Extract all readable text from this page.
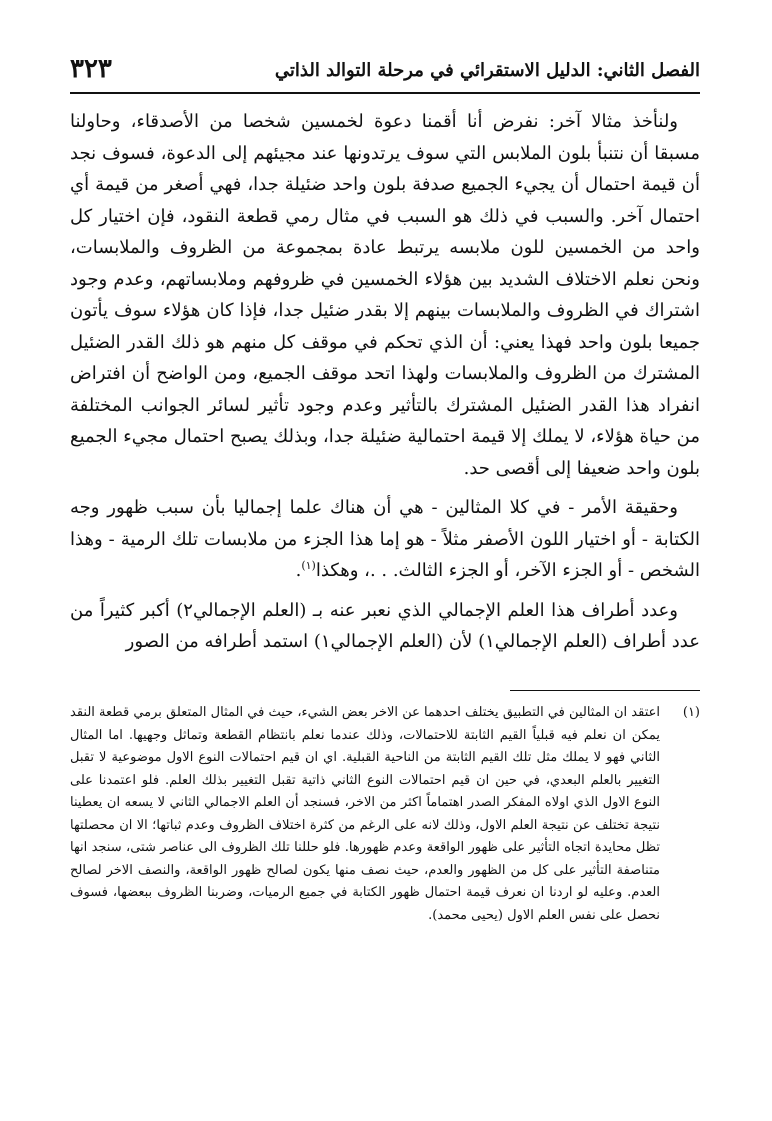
الفصل الثاني: الدليل الاستقرائي في مرحلة التوالد الذاتي
٣٢٣

ولنأخذ مثالا آخر: نفرض أنا أقمنا دعوة لخمسين شخصا من الأصدقاء، وحاولنا مسبقا أن نتنبأ بلون الملابس التي سوف يرتدونها عند مجيئهم إلى الدعوة، فسوف نجد أن قيمة احتمال أن يجيء الجميع صدفة بلون واحد ضئيلة جدا، فهي أصغر من قيمة أي احتمال آخر. والسبب في ذلك هو السبب في مثال رمي قطعة النقود، فإن اختيار كل واحد من الخمسين للون ملابسه يرتبط عادة بمجموعة من الظروف والملابسات، ونحن نعلم الاختلاف الشديد بين هؤلاء الخمسين في ظروفهم وملابساتهم، وعدم وجود اشتراك في الظروف والملابسات بينهم إلا بقدر ضئيل جدا، فإذا كان هؤلاء سوف يأتون جميعا بلون واحد فهذا يعني: أن الذي تحكم في موقف كل منهم هو ذلك القدر الضئيل المشترك من الظروف والملابسات ولهذا اتحد موقف الجميع، ومن الواضح أن افتراض انفراد هذا القدر الضئيل المشترك بالتأثير وعدم وجود تأثير لسائر الجوانب المختلفة من حياة هؤلاء، لا يملك إلا قيمة احتمالية ضئيلة جدا، وبذلك يصبح احتمال مجيء الجميع بلون واحد ضعيفا إلى أقصى حد.

وحقيقة الأمر - في كلا المثالين - هي أن هناك علما إجماليا بأن سبب ظهور وجه الكتابة - أو اختيار اللون الأصفر مثلاً - هو إما هذا الجزء من ملابسات تلك الرمية - وهذا الشخص - أو الجزء الآخر، أو الجزء الثالث. . .، وهكذا$^{(١)}$.

وعدد أطراف هذا العلم الإجمالي الذي نعبر عنه بـ (العلم الإجمالي٢) أكبر كثيراً من عدد أطراف (العلم الإجمالي١) لأن (العلم الإجمالي١) استمد أطرافه من الصور

(١)
اعتقد ان المثالين في التطبيق يختلف احدهما عن الاخر بعض الشيء، حيث في المثال المتعلق برمي قطعة النقد يمكن ان نعلم فيه قبلياً القيم الثابتة للاحتمالات، وذلك عندما نعلم بانتظام القطعة وتماثل وجهيها. اما المثال الثاني فهو لا يملك مثل تلك القيم الثابتة من الناحية القبلية. اي ان قيم احتمالات النوع الاول موضوعية لا تقبل التغيير بالعلم البعدي، في حين ان قيم احتمالات النوع الثاني ذاتية تقبل التغيير بذلك العلم. فلو اعتمدنا على النوع الاول الذي اولاه المفكر الصدر اهتماماً اكثر من الاخر، فسنجد أن العلم الاجمالي الثاني لا يسعه ان يعطينا نتيجة تختلف عن نتيجة العلم الاول، وذلك لانه على الرغم من كثرة اختلاف الظروف وعدم ثباتها؛ الا ان محصلتها تظل محايدة اتجاه التأثير على ظهور الواقعة وعدم ظهورها. فلو حللنا تلك الظروف الى عناصر شتى، سنجد انها متناصفة التأثير على كل من الظهور والعدم، حيث نصف منها يكون لصالح ظهور الواقعة، والنصف الاخر لصالح العدم. وعليه لو اردنا ان نعرف قيمة احتمال ظهور الكتابة في جميع الرميات، وضربنا الظروف ببعضها، فسوف نحصل على نفس العلم الاول (يحيى محمد).
